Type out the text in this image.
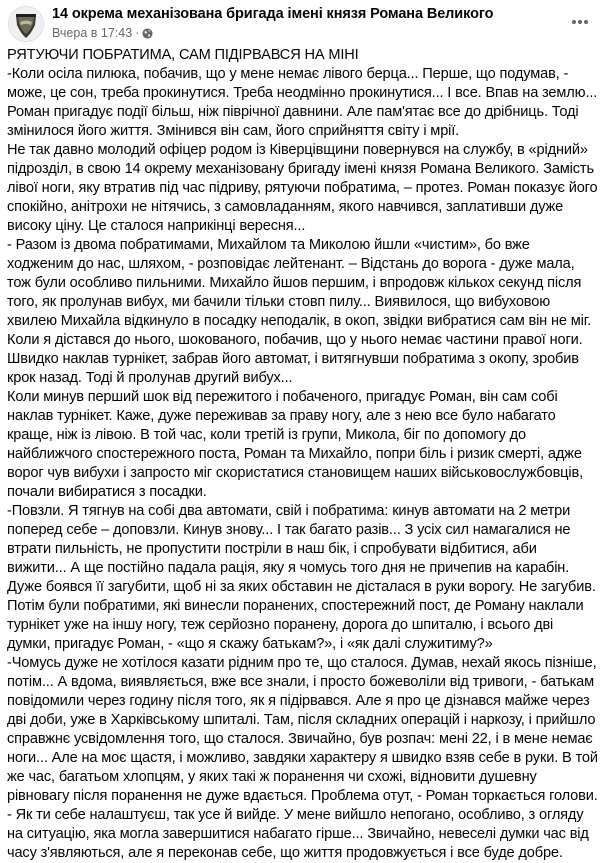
14 окрема механізована бригада імені князя Романа Великого
Вчера в 17:43 ·

РЯТУЮЧИ ПОБРАТИМА, САМ ПІДІРВАВСЯ НА МІНІ

-Коли осіла пилюка, побачив, що у мене немає лівого берца... Перше, що подумав, - може, це сон, треба прокинутися. Треба неодмінно прокинутися... І все. Впав на землю...

Роман пригадує події більш, ніж піврічної давнини. Але пам'ятає все до дрібниць. Тоді змінилося його життя. Змінився він сам, його сприйняття світу і мрії.

Не так давно молодий офіцер родом із Ківерцівщини повернувся на службу, в «рідний» підрозділ, в свою 14 окрему механізовану бригаду імені князя Романа Великого. Замість лівої ноги, яку втратив під час підриву, рятуючи побратима, – протез. Роман показує його спокійно, анітрохи не нітячись, з самовладанням, якого навчився, заплативши дуже високу ціну. Це сталося наприкінці вересня...

- Разом із двома побратимами, Михайлом та Миколою йшли «чистим», бо вже ходженим до нас, шляхом, - розповідає лейтенант. – Відстань до ворога - дуже мала, тож були особливо пильними. Михайло йшов першим, і впродовж кількох секунд після того, як пролунав вибух, ми бачили тільки стовп пилу... Виявилося, що вибуховою хвилею Михайла відкинуло в посадку неподалік, в окоп, звідки вибратися сам він не міг. Коли я дістався до нього, шокованого, побачив, що у нього немає частини правої ноги. Швидко наклав турнікет, забрав його автомат, і витягнувши побратима з окопу, зробив крок назад. Тоді й пролунав другий вибух...

Коли минув перший шок від пережитого і побаченого, пригадує Роман, він сам собі наклав турнікет. Каже, дуже переживав за праву ногу, але з нею все було набагато краще, ніж із лівою. В той час, коли третій із групи, Микола, біг по допомогу до найближчого спостережного поста, Роман та Михайло, попри біль і ризик смерті, адже ворог чув вибухи і запросто міг скористатися становищем наших військовослужбовців, почали вибиратися з посадки.

-Повзли. Я тягнув на собі два автомати, свій і побратима: кинув автомати на 2 метри поперед себе – доповзли. Кинув знову... І так багато разів... З усіх сил намагалися не втрати пильність, не пропустити постріли в наш бік, і спробувати відбитися, аби вижити... А ще постійно падала рація, яку я чомусь того дня не причепив на карабін. Дуже боявся її загубити, щоб ні за яких обставин не дісталася в руки ворогу. Не загубив.

Потім були побратими, які винесли поранених, спостережний пост, де Роману наклали турнікет уже на іншу ногу, теж серйозно поранену, дорога до шпиталю, і всього дві думки, пригадує Роман, - «що я скажу батькам?», і «як далі служитиму?»

-Чомусь дуже не хотілося казати рідним про те, що сталося. Думав, нехай якось пізніше, потім... А вдома, виявляється, вже все знали, і просто божеволіли від тривоги, - батькам повідомили через годину після того, як я підірвався. Але я про це дізнався майже через дві доби, уже в Харківському шпиталі. Там, після складних операцій і наркозу, і прийшло справжнє усвідомлення того, що сталося. Звичайно, був розпач: мені 22, і в мене немає ноги... Але на моє щастя, і можливо, завдяки характеру я швидко взяв себе в руки. В той же час, багатьом хлопцям, у яких такі ж поранення чи схожі, відновити душевну рівновагу після поранення не дуже вдається. Проблема отут, - Роман торкається голови. - Як ти себе налаштуєш, так усе й вийде. У мене вийшло непогано, особливо, з огляду на ситуацію, яка могла завершитися набагато гірше... Звичайно, невеселі думки час від часу з'являються, але я переконав себе, що життя продовжується і все буде добре.
